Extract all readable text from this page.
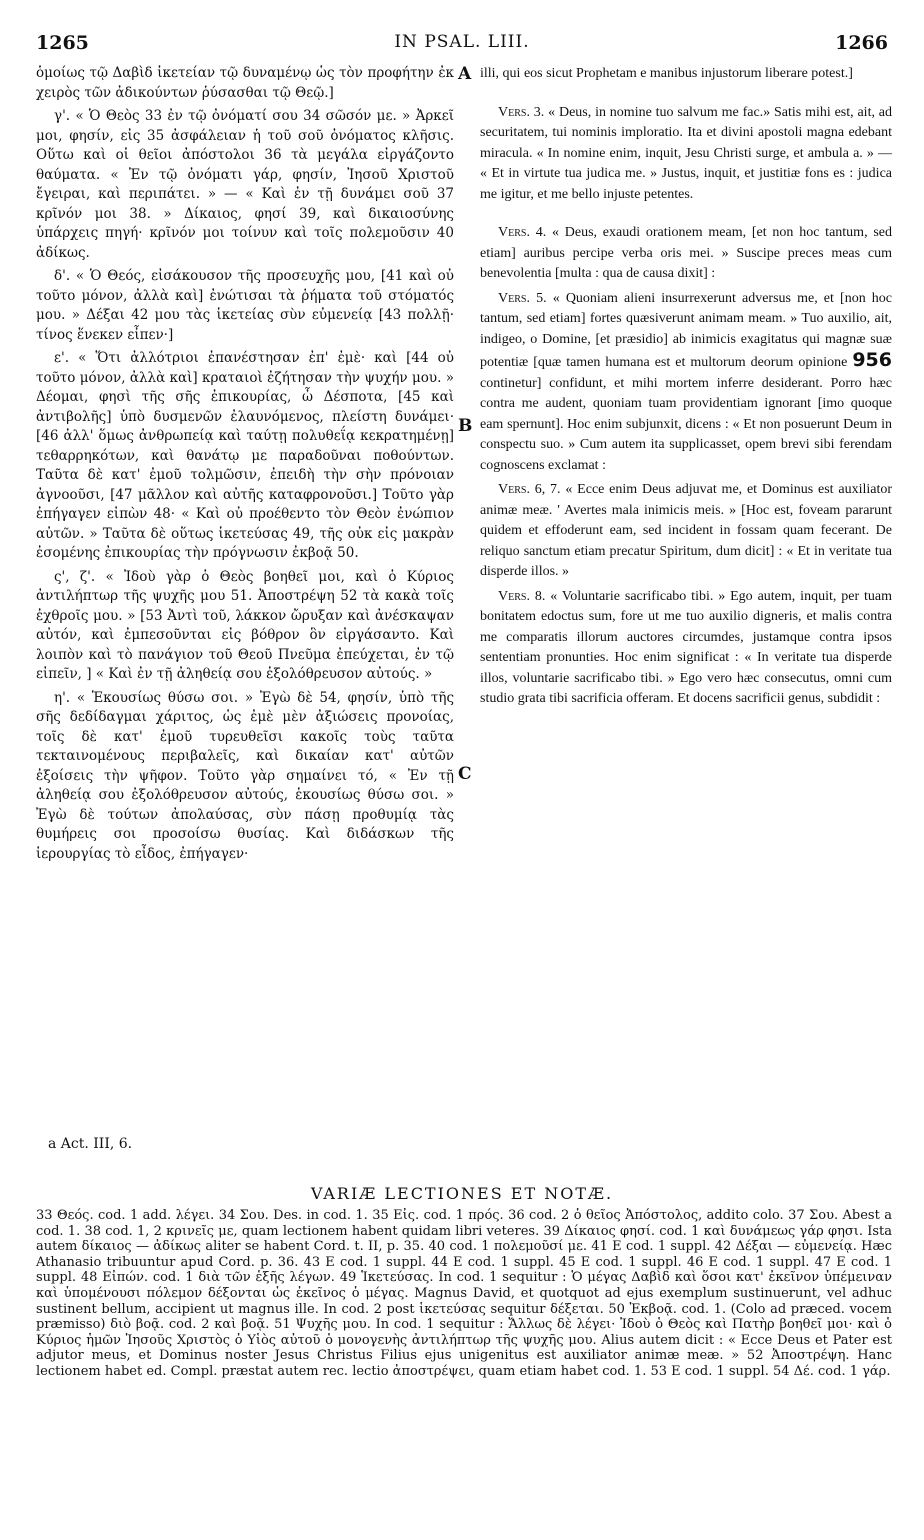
1265	IN PSAL. LIII.	1266
A
B
C

ὁμοίως τῷ Δαβὶδ ἱκετείαν τῷ δυναμένῳ ὡς τὸν προφήτην ἐκ χειρὸς τῶν ἀδικούντων ῥύσασθαι τῷ Θεῷ.]

γ'. « Ὁ Θεὸς 33 ἐν τῷ ὀνόματί σου 34 σῶσόν με. » Ἀρκεῖ μοι, φησίν, εἰς 35 ἀσφάλειαν ἡ τοῦ σοῦ ὀνόματος κλῆσις. Οὕτω καὶ οἱ θεῖοι ἀπόστολοι 36 τὰ μεγάλα εἰργάζοντο θαύματα. « Ἐν τῷ ὀνόματι γάρ, φησίν, Ἰησοῦ Χριστοῦ ἔγειραι, καὶ περιπάτει. » — « Καὶ ἐν τῇ δυνάμει σοῦ 37 κρῖνόν μοι 38. » Δίκαιος, φησί 39, καὶ δικαιοσύνης ὑπάρχεις πηγή· κρῖνόν μοι τοίνυν καὶ τοῖς πολεμοῦσιν 40 ἀδίκως.

δ'. « Ὁ Θεός, εἰσάκουσον τῆς προσευχῆς μου, [41 καὶ οὐ τοῦτο μόνον, ἀλλὰ καὶ] ἐνώτισαι τὰ ῥήματα τοῦ στόματός μου. » Δέξαι 42 μου τὰς ἱκετείας σὺν εὐμενείᾳ [43 πολλῇ· τίνος ἕνεκεν εἶπεν·]

ε'. « Ὅτι ἀλλότριοι ἐπανέστησαν ἐπ' ἐμὲ· καὶ [44 οὐ τοῦτο μόνον, ἀλλὰ καὶ] κραταιοὶ ἐζήτησαν τὴν ψυχήν μου. » Δέομαι, φησὶ τῆς σῆς ἐπικουρίας, ὦ Δέσποτα, [45 καὶ ἀντιβολῆς] ὑπὸ δυσμενῶν ἐλαυνόμενος, πλείστη δυνάμει· [46 ἀλλ' ὅμως ἀνθρωπείᾳ καὶ ταύτῃ πολυθεΐᾳ κεκρατημένῃ] τεθαρρηκότων, καὶ θανάτῳ με παραδοῦναι ποθούντων. Ταῦτα δὲ κατ' ἐμοῦ τολμῶσιν, ἐπειδὴ τὴν σὴν πρόνοιαν ἀγνοοῦσι, [47 μᾶλλον καὶ αὐτῆς καταφρονοῦσι.] Τοῦτο γὰρ ἐπήγαγεν εἰπὼν 48· « Καὶ οὐ προέθεντο τὸν Θεὸν ἐνώπιον αὐτῶν. » Ταῦτα δὲ οὕτως ἱκετεύσας 49, τῆς οὐκ εἰς μακρὰν ἐσομένης ἐπικουρίας τὴν πρόγνωσιν ἐκβοᾷ 50.

ς', ζ'. « Ἰδοὺ γὰρ ὁ Θεὸς βοηθεῖ μοι, καὶ ὁ Κύριος ἀντιλήπτωρ τῆς ψυχῆς μου 51. Ἀποστρέψη 52 τὰ κακὰ τοῖς ἐχθροῖς μου. » [53 Ἀντὶ τοῦ, λάκκον ὤρυξαν καὶ ἀνέσκαψαν αὐτόν, καὶ ἐμπεσοῦνται εἰς βόθρον ὃν εἰργάσαντο. Καὶ λοιπὸν καὶ τὸ πανάγιον τοῦ Θεοῦ Πνεῦμα ἐπεύχεται, ἐν τῷ εἰπεῖν, ] « Καὶ ἐν τῇ ἀληθείᾳ σου ἐξολόθρευσον αὐτούς. »

η'. « Ἑκουσίως θύσω σοι. » Ἐγὼ δὲ 54, φησίν, ὑπὸ τῆς σῆς δεδίδαγμαι χάριτος, ὡς ἐμὲ μὲν ἀξιώσεις προνοίας, τοῖς δὲ κατ' ἐμοῦ τυρευθεῖσι κακοῖς τοὺς ταῦτα τεκταινομένους περιβαλεῖς, καὶ δικαίαν κατ' αὐτῶν ἐξοίσεις τὴν ψῆφον. Τοῦτο γὰρ σημαίνει τό, « Ἐν τῇ ἀληθείᾳ σου ἐξολόθρευσον αὐτούς, ἑκουσίως θύσω σοι. » Ἐγὼ δὲ τούτων ἀπολαύσας, σὺν πάσῃ προθυμίᾳ τὰς θυμήρεις σοι προσοίσω θυσίας. Καὶ διδάσκων τῆς ἱερουργίας τὸ εἶδος, ἐπήγαγεν·

illi, qui eos sicut Prophetam e manibus injustorum liberare potest.]

Vers. 3. « Deus, in nomine tuo salvum me fac.» Satis mihi est, ait, ad securitatem, tui nominis imploratio. Ita et divini apostoli magna edebant miracula. « In nomine enim, inquit, Jesu Christi surge, et ambula a. » — « Et in virtute tua judica me. » Justus, inquit, et justitiæ fons es : judica me igitur, et me bello injuste petentes.

Vers. 4. « Deus, exaudi orationem meam, [et non hoc tantum, sed etiam] auribus percipe verba oris mei. » Suscipe preces meas cum benevolentia [multa : qua de causa dixit] :

Vers. 5. « Quoniam alieni insurrexerunt adversus me, et [non hoc tantum, sed etiam] fortes quæsiverunt animam meam. » Tuo auxilio, ait, indigeo, o Domine, [et præsidio] ab inimicis exagitatus qui magnæ suæ potentiæ [quæ tamen humana est et multorum deorum opinione 956 continetur] confidunt, et mihi mortem inferre desiderant. Porro hæc contra me audent, quoniam tuam providentiam ignorant [imo quoque eam spernunt]. Hoc enim subjunxit, dicens : « Et non posuerunt Deum in conspectu suo. » Cum autem ita supplicasset, opem brevi sibi ferendam cognoscens exclamat :

Vers. 6, 7. « Ecce enim Deus adjuvat me, et Dominus est auxiliator animæ meæ. ' Avertes mala inimicis meis. » [Hoc est, foveam pararunt quidem et effoderunt eam, sed incident in fossam quam fecerant. De reliquo sanctum etiam precatur Spiritum, dum dicit] : « Et in veritate tua disperde illos. »

Vers. 8. « Voluntarie sacrificabo tibi. » Ego autem, inquit, per tuam bonitatem edoctus sum, fore ut me tuo auxilio digneris, et malis contra me comparatis illorum auctores circumdes, justamque contra ipsos sententiam pronunties. Hoc enim significat : « In veritate tua disperde illos, voluntarie sacrificabo tibi. » Ego vero hæc consecutus, omni cum studio grata tibi sacrificia offeram. Et docens sacrificii genus, subdidit :

a Act. III, 6.
VARIÆ LECTIONES ET NOTÆ.
33 Θεός. cod. 1 add. λέγει. 34 Σου. Des. in cod. 1. 35 Εἰς. cod. 1 πρός. 36 cod. 2 ὁ θεῖος Ἀπόστολος, addito colo. 37 Σου. Abest a cod. 1. 38 cod. 1, 2 κρινεῖς με, quam lectionem habent quidam libri veteres. 39 Δίκαιος φησί. cod. 1 καὶ δυνάμεως γάρ φησι. Ista autem δίκαιος — ἀδίκως aliter se habent Cord. t. II, p. 35. 40 cod. 1 πολεμοῦσί με. 41 E cod. 1 suppl. 42 Δέξαι — εὐμενείᾳ. Hæc Athanasio tribuuntur apud Cord. p. 36. 43 E cod. 1 suppl. 44 E cod. 1 suppl. 45 E cod. 1 suppl. 46 E cod. 1 suppl. 47 E cod. 1 suppl. 48 Εἰπών. cod. 1 διὰ τῶν ἑξῆς λέγων. 49 Ἱκετεύσας. In cod. 1 sequitur : Ὁ μέγας Δαβὶδ καὶ ὅσοι κατ' ἐκεῖνον ὑπέμειναν καὶ ὑπομένουσι πόλεμον δέξονται ὡς ἐκεῖνος ὁ μέγας. Magnus David, et quotquot ad ejus exemplum sustinuerunt, vel adhuc sustinent bellum, accipient ut magnus ille. In cod. 2 post ἱκετεύσας sequitur δέξεται. 50 Ἐκβοᾷ. cod. 1. (Colo ad præced. vocem præmisso) διὸ βοᾷ. cod. 2 καὶ βοᾷ. 51 Ψυχῆς μου. In cod. 1 sequitur : Ἄλλως δὲ λέγει· Ἰδοὺ ὁ Θεὸς καὶ Πατὴρ βοηθεῖ μοι· καὶ ὁ Κύριος ἡμῶν Ἰησοῦς Χριστὸς ὁ Υἱὸς αὐτοῦ ὁ μονογενὴς ἀντιλήπτωρ τῆς ψυχῆς μου. Alius autem dicit : « Ecce Deus et Pater est adjutor meus, et Dominus noster Jesus Christus Filius ejus unigenitus est auxiliator animæ meæ. » 52 Ἀποστρέψη. Hanc lectionem habet ed. Compl. præstat autem rec. lectio ἀποστρέψει, quam etiam habet cod. 1. 53 E cod. 1 suppl. 54 Δέ. cod. 1 γάρ.
